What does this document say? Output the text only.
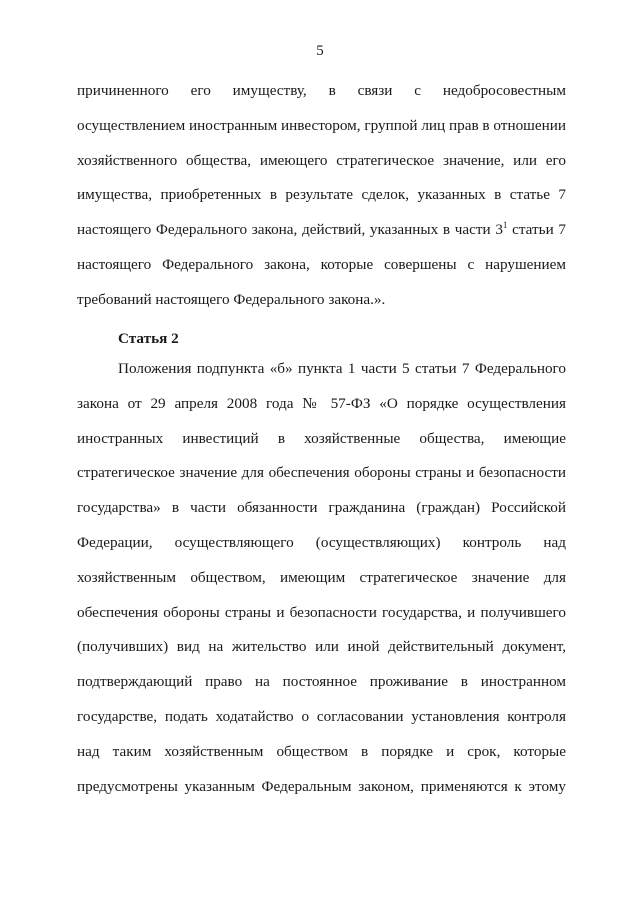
5
причиненного его имуществу, в связи с недобросовестным
осуществлением иностранным инвестором, группой лиц прав в отношении
хозяйственного общества, имеющего стратегическое значение, или его
имущества, приобретенных в результате сделок, указанных в статье 7
настоящего Федерального закона, действий, указанных в части $3^1$ статьи 7
настоящего Федерального закона, которые совершены с нарушением
требований настоящего Федерального закона.».
Статья 2
Положения подпункта «б» пункта 1 части 5 статьи 7 Федерального
закона от 29 апреля 2008 года № 57-ФЗ «О порядке осуществления
иностранных инвестиций в хозяйственные общества, имеющие
стратегическое значение для обеспечения обороны страны и безопасности
государства» в части обязанности гражданина (граждан) Российской
Федерации, осуществляющего (осуществляющих) контроль над
хозяйственным обществом, имеющим стратегическое значение для
обеспечения обороны страны и безопасности государства, и получившего
(получивших) вид на жительство или иной действительный документ,
подтверждающий право на постоянное проживание в иностранном
государстве, подать ходатайство о согласовании установления контроля
над таким хозяйственным обществом в порядке и срок, которые
предусмотрены указанным Федеральным законом, применяются к этому
